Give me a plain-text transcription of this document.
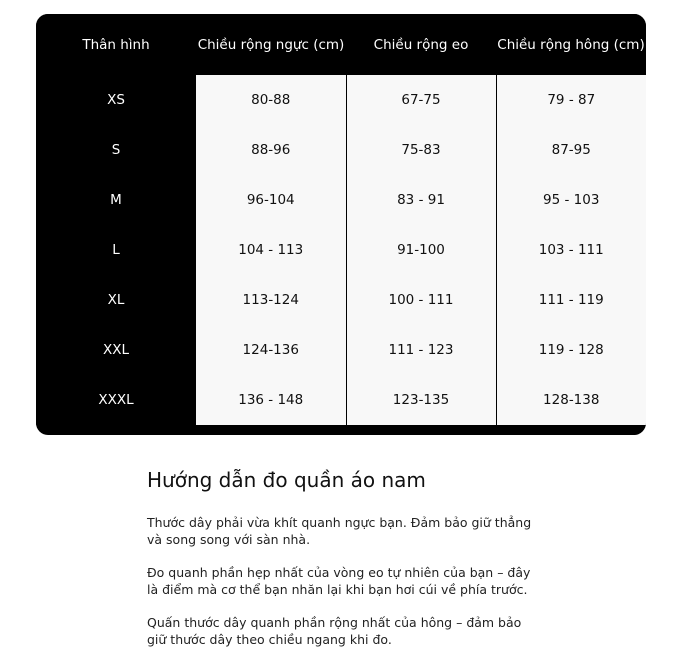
Thân hình	Chiều rộng ngực (cm)	Chiều rộng eo	Chiều rộng hông (cm)
XS	80-88	67-75	79 - 87
S	88-96	75-83	87-95
M	96-104	83 - 91	95 - 103
L	104 - 113	91-100	103 - 111
XL	113-124	100 - 111	111 - 119
XXL	124-136	111 - 123	119 - 128
XXXL	136 - 148	123-135	128-138
Hướng dẫn đo quần áo nam

Thước dây phải vừa khít quanh ngực bạn. Đảm bảo giữ thẳng và song song với sàn nhà.

Đo quanh phần hẹp nhất của vòng eo tự nhiên của bạn – đây là điểm mà cơ thể bạn nhăn lại khi bạn hơi cúi về phía trước.

Quấn thước dây quanh phần rộng nhất của hông – đảm bảo giữ thước dây theo chiều ngang khi đo.
